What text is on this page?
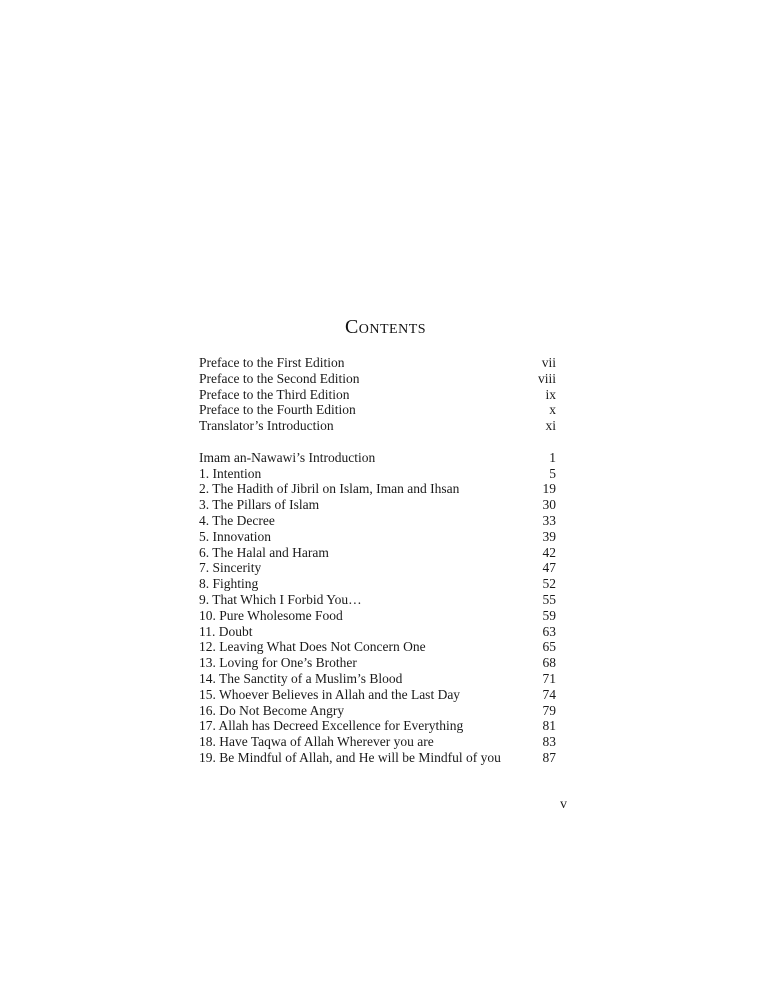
Contents
Preface to the First Edition	vii
Preface to the Second Edition	viii
Preface to the Third Edition	ix
Preface to the Fourth Edition	x
Translator’s Introduction	xi
Imam an-Nawawi’s Introduction	1
1. Intention	5
2. The Hadith of Jibril on Islam, Iman and Ihsan	19
3. The Pillars of Islam	30
4. The Decree	33
5. Innovation	39
6. The Halal and Haram	42
7. Sincerity	47
8. Fighting	52
9. That Which I Forbid You…	55
10. Pure Wholesome Food	59
11. Doubt	63
12. Leaving What Does Not Concern One	65
13. Loving for One’s Brother	68
14. The Sanctity of a Muslim’s Blood	71
15. Whoever Believes in Allah and the Last Day	74
16. Do Not Become Angry	79
17. Allah has Decreed Excellence for Everything	81
18. Have Taqwa of Allah Wherever you are	83
19. Be Mindful of Allah, and He will be Mindful of you	87
v
